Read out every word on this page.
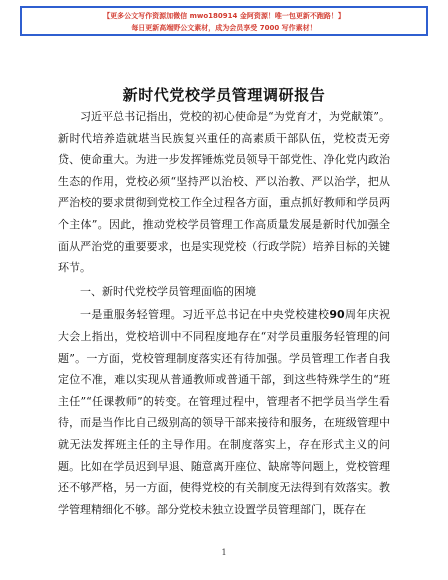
【更多公文写作资源加微信 mwo180914 金阿资源！唯一包更新不跑路！】
每日更新高端野公文素材，成为会员享受 7000 写作素材！
新时代党校学员管理调研报告

习近平总书记指出，党校的初心使命是“为党育才，为党献策”。新时代培养造就堪当民族复兴重任的高素质干部队伍，党校责无旁贷、使命重大。为进一步发挥锤炼党员领导干部党性、净化党内政治生态的作用，党校必须“坚持严以治校、严以治教、严以治学，把从严治校的要求贯彻到党校工作全过程各方面，重点抓好教师和学员两个主体”。因此，推动党校学员管理工作高质量发展是新时代加强全面从严治党的重要要求，也是实现党校（行政学院）培养目标的关键环节。

一、新时代党校学员管理面临的困境

一是重服务轻管理。习近平总书记在中央党校建校90周年庆祝大会上指出，党校培训中不同程度地存在“对学员重服务轻管理的问题”。一方面，党校管理制度落实还有待加强。学员管理工作者自我定位不准，难以实现从普通教师或普通干部，到这些特殊学生的“班主任”“任课教师”的转变。在管理过程中，管理者不把学员当学生看待，而是当作比自己级别高的领导干部来接待和服务，在班级管理中就无法发挥班主任的主导作用。在制度落实上，存在形式主义的问题。比如在学员迟到早退、随意离开座位、缺席等问题上，党校管理还不够严格，另一方面，使得党校的有关制度无法得到有效落实。教学管理精细化不够。部分党校未独立设置学员管理部门，既存在

1
